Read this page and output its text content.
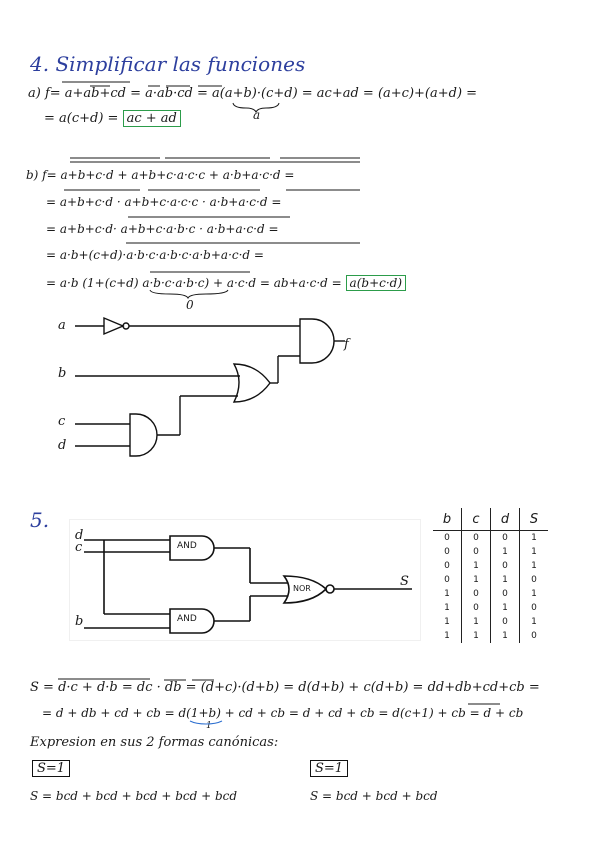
4. Simplificar las funciones
a) f= a+ab+cd = a·ab·cd = a(a+b)·(c+d) = ac+ad = (a+c)+(a+d) =
a
= a(c+d) = ac + ad
b) f= a+b+c·d + a+b+c·a·c·c + a·b+a·c·d =
= a+b+c·d · a+b+c·a·c·c · a·b+a·c·d =
= a+b+c·d· a+b+c·a·b·c · a·b+a·c·d =
= a·b+(c+d)·a·b·c·a·b·c·a·b+a·c·d =
= a·b (1+(c+d) a·b·c·a·b·c) + a·c·d = ab+a·c·d = a(b+c·d)
0
a
b
c
d
f
5.
d
c
b
S
AND
AND
NOR
b	c	d	S
0	0	0	1
0	0	1	1
0	1	0	1
0	1	1	0
1	0	0	1
1	0	1	0
1	1	0	1
1	1	1	0
S = d·c + d·b = dc · db = (d+c)·(d+b) = d(d+b) + c(d+b) = dd+db+cd+cb =
= d + db + cd + cb = d(1+b) + cd + cb = d + cd + cb = d(c+1) + cb = d + cb
1
Expresion en sus 2 formas canónicas:
S=1
S = bcd + bcd + bcd + bcd + bcd
S=1
S = bcd + bcd + bcd
